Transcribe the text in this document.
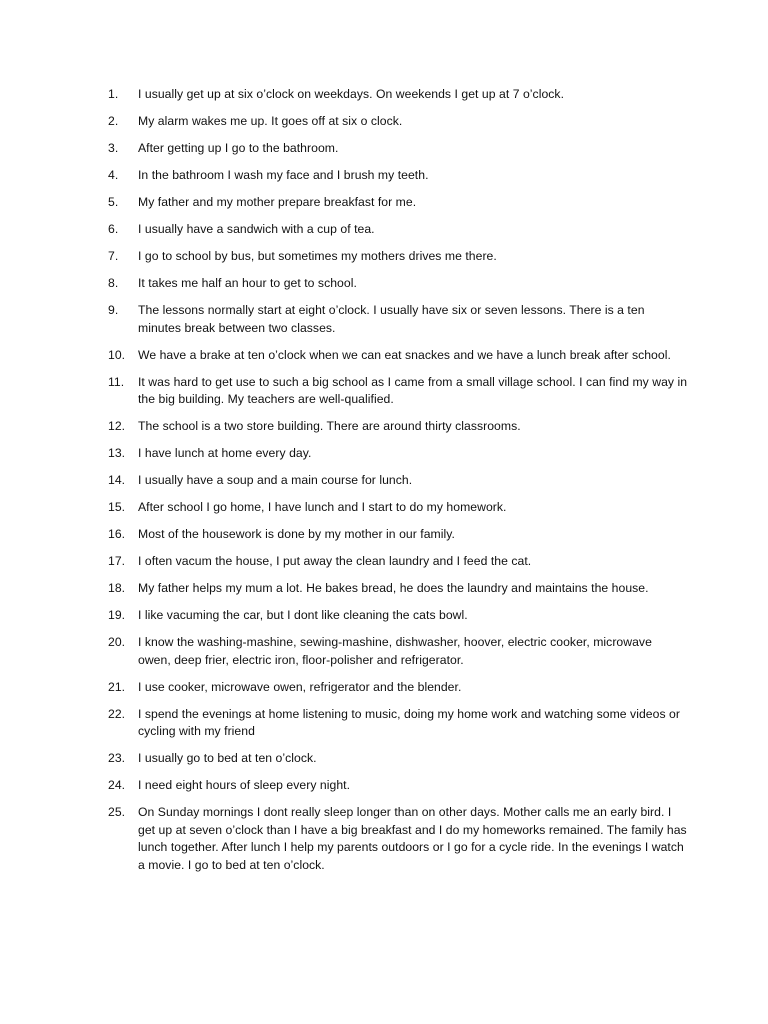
1.	I usually get up at six o’clock on weekdays. On weekends I get up at 7 o’clock.
2.	My alarm wakes me up. It goes off at six o clock.
3.	After getting up I go to the bathroom.
4.	In the bathroom I wash my face and I brush my teeth.
5.	My father and my mother prepare breakfast for me.
6.	I usually have a sandwich with a cup of tea.
7.	I go to school by bus, but sometimes my mothers drives me there.
8.	It takes me half an hour to get to school.
9.	The lessons normally start at eight o’clock. I usually have six or seven lessons. There is a ten minutes break between two classes.
10.	We have a brake at ten o’clock when we can eat snackes and we have a lunch break after school.
11.	It was hard to get use to such a big school as I came from a small village school. I can find my way in the big building. My teachers are well-qualified.
12.	The school is a two store building. There are around thirty classrooms.
13.	I have lunch at home every day.
14.	I usually have a soup and a main course for lunch.
15.	After school I go home, I have lunch and I start to do my homework.
16.	Most of the housework is done by my mother in our family.
17.	I often vacum the house, I put away the clean laundry and I feed the cat.
18.	My father helps my mum a lot. He bakes bread, he does the laundry and maintains the house.
19.	I like vacuming the car, but I dont like cleaning the cats bowl.
20.	I know the washing-mashine, sewing-mashine, dishwasher, hoover, electric cooker, microwave owen, deep frier, electric iron, floor-polisher and refrigerator.
21.	I use cooker, microwave owen, refrigerator and the blender.
22.	I spend the evenings at home listening to music, doing my home work and watching some videos or cycling with my friend
23.	I usually go to bed at ten o’clock.
24.	I need eight hours of sleep every night.
25.	On Sunday mornings I dont really sleep longer than on other days. Mother calls me an early bird. I get up at seven o’clock than I have a big breakfast and I do my homeworks remained. The family has lunch together. After lunch I help my parents outdoors or I go for a cycle ride. In the evenings I watch a movie. I go to bed at ten o’clock.
